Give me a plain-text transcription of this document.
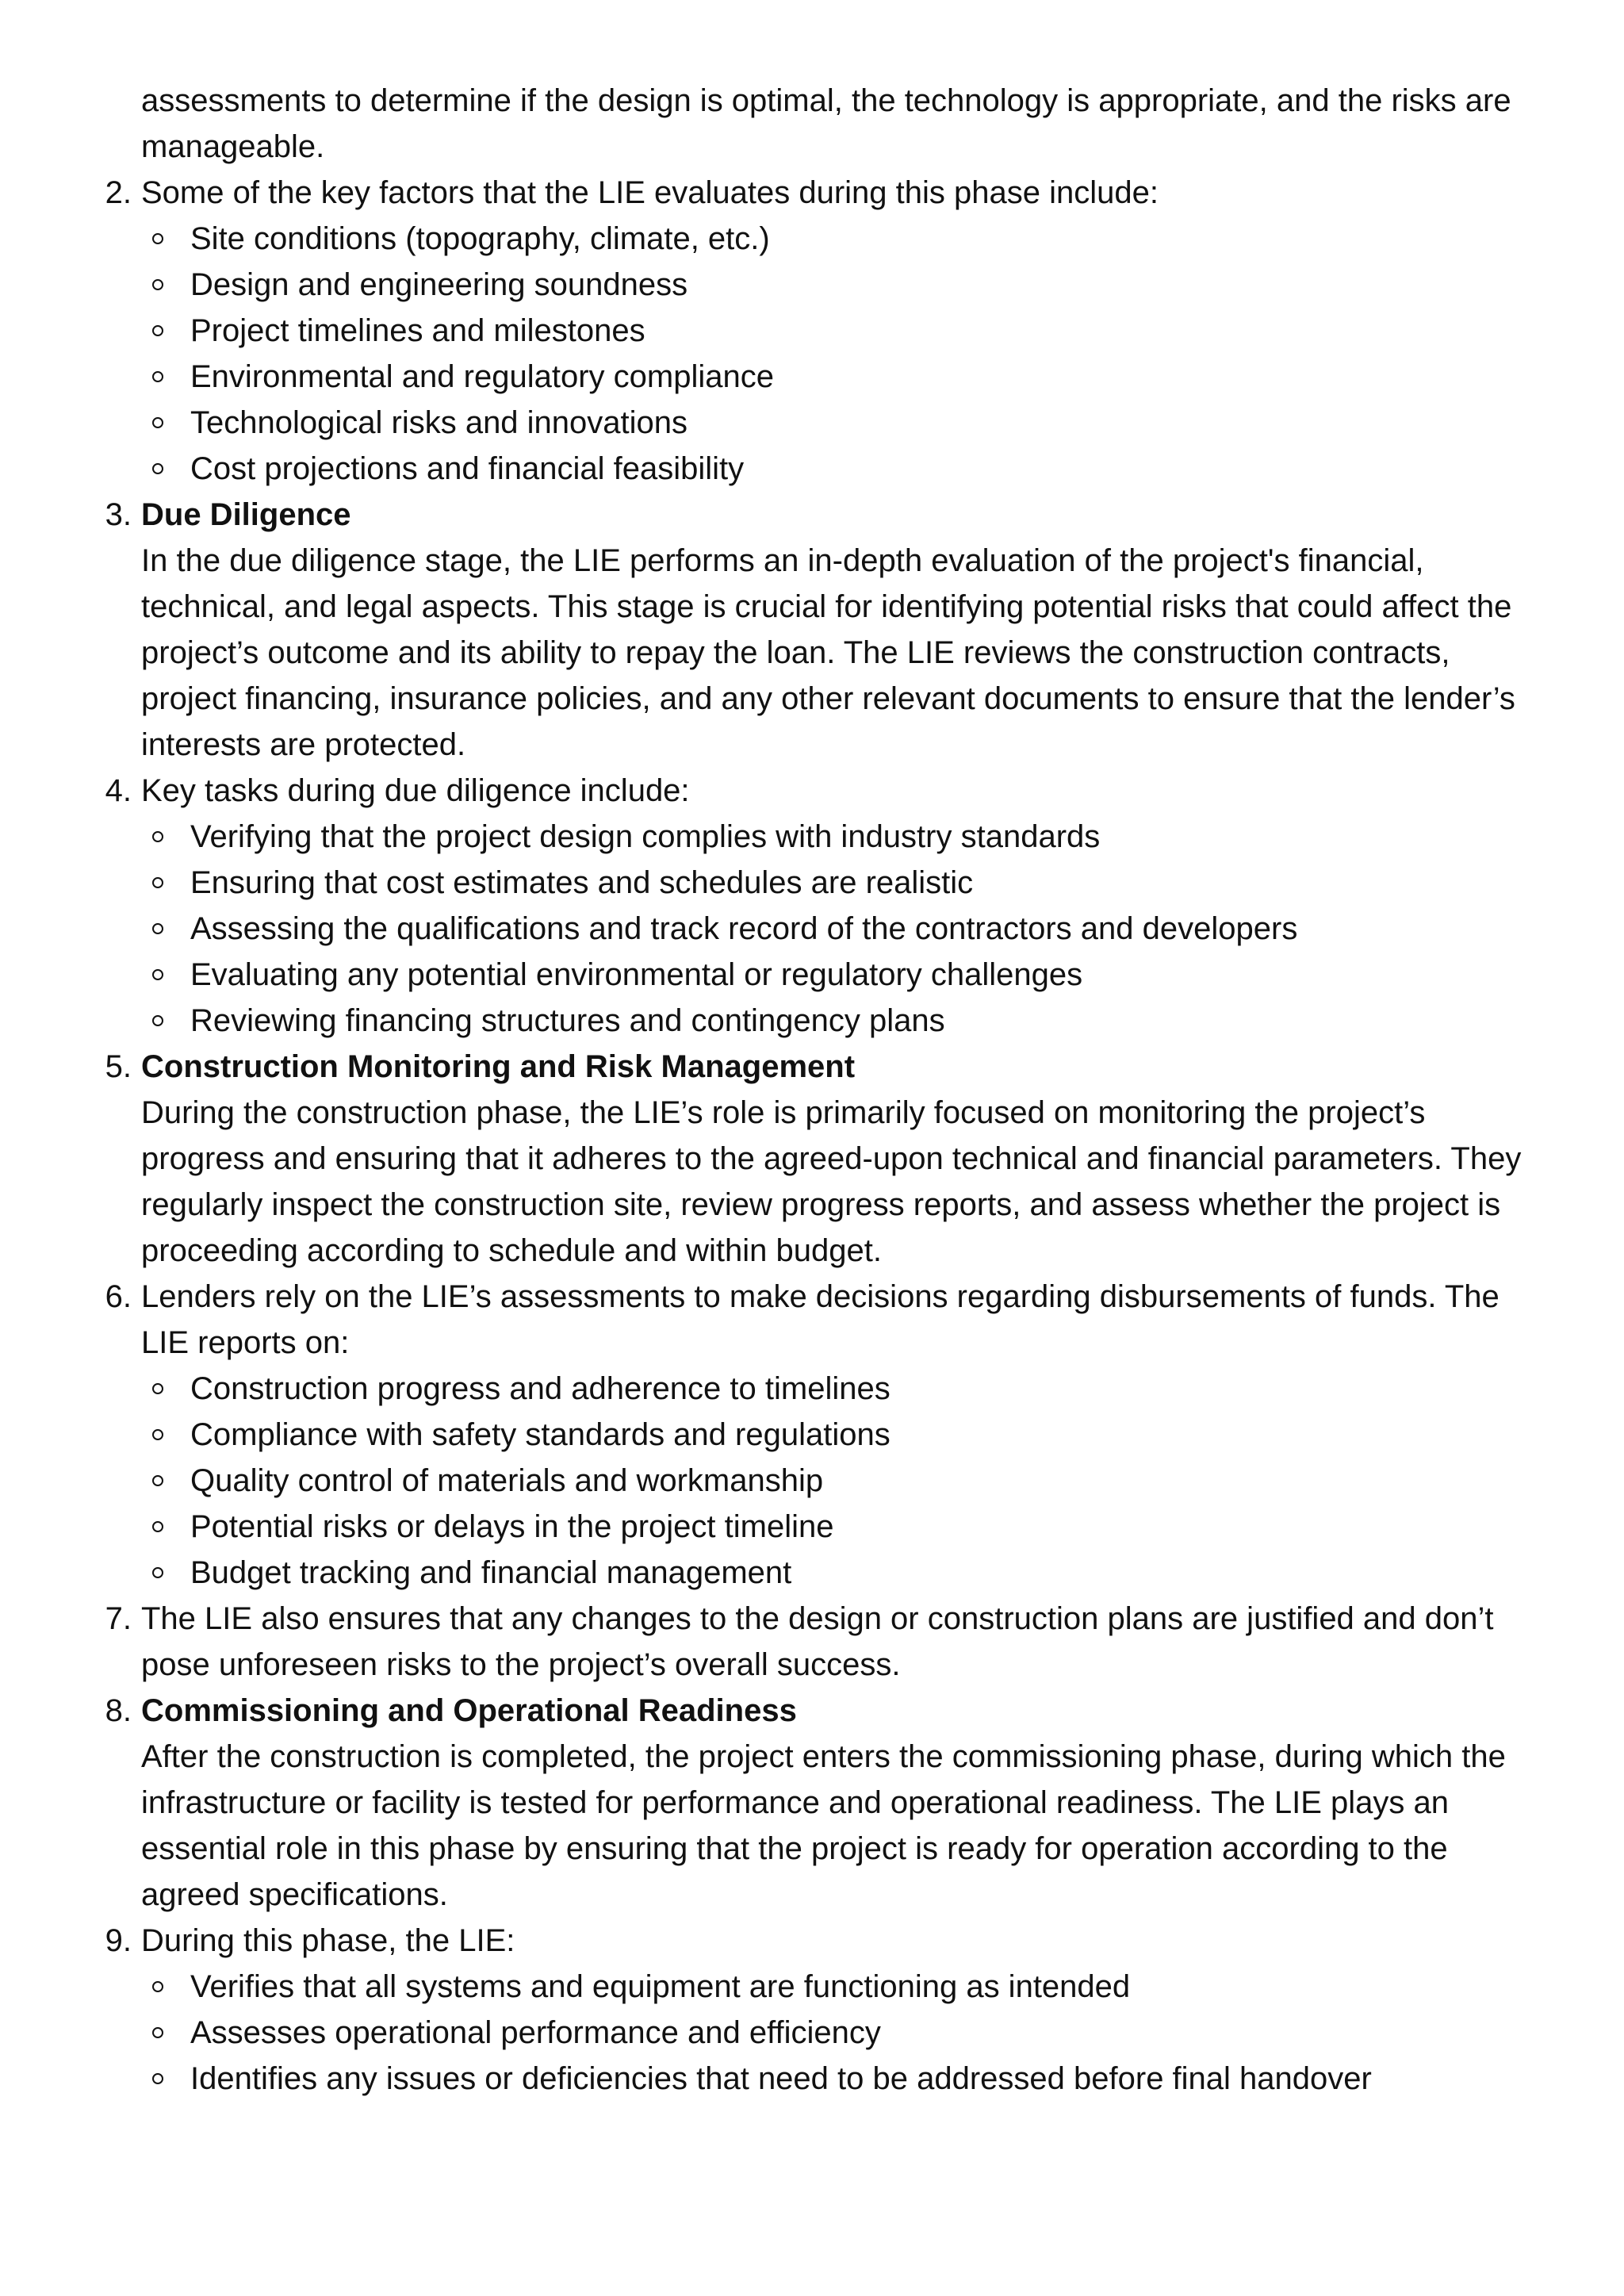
assessments to determine if the design is optimal, the technology is appropriate, and the risks are manageable.

2. Some of the key factors that the LIE evaluates during this phase include:
Site conditions (topography, climate, etc.)
Design and engineering soundness
Project timelines and milestones
Environmental and regulatory compliance
Technological risks and innovations
Cost projections and financial feasibility
3. Due Diligence
In the due diligence stage, the LIE performs an in-depth evaluation of the project's financial, technical, and legal aspects. This stage is crucial for identifying potential risks that could affect the project’s outcome and its ability to repay the loan. The LIE reviews the construction contracts, project financing, insurance policies, and any other relevant documents to ensure that the lender’s interests are protected.
4. Key tasks during due diligence include:
Verifying that the project design complies with industry standards
Ensuring that cost estimates and schedules are realistic
Assessing the qualifications and track record of the contractors and developers
Evaluating any potential environmental or regulatory challenges
Reviewing financing structures and contingency plans
5. Construction Monitoring and Risk Management
During the construction phase, the LIE’s role is primarily focused on monitoring the project’s progress and ensuring that it adheres to the agreed-upon technical and financial parameters. They regularly inspect the construction site, review progress reports, and assess whether the project is proceeding according to schedule and within budget.
6. Lenders rely on the LIE’s assessments to make decisions regarding disbursements of funds. The LIE reports on:
Construction progress and adherence to timelines
Compliance with safety standards and regulations
Quality control of materials and workmanship
Potential risks or delays in the project timeline
Budget tracking and financial management
7. The LIE also ensures that any changes to the design or construction plans are justified and don’t pose unforeseen risks to the project’s overall success.
8. Commissioning and Operational Readiness
After the construction is completed, the project enters the commissioning phase, during which the infrastructure or facility is tested for performance and operational readiness. The LIE plays an essential role in this phase by ensuring that the project is ready for operation according to the agreed specifications.
9. During this phase, the LIE:
Verifies that all systems and equipment are functioning as intended
Assesses operational performance and efficiency
Identifies any issues or deficiencies that need to be addressed before final handover
